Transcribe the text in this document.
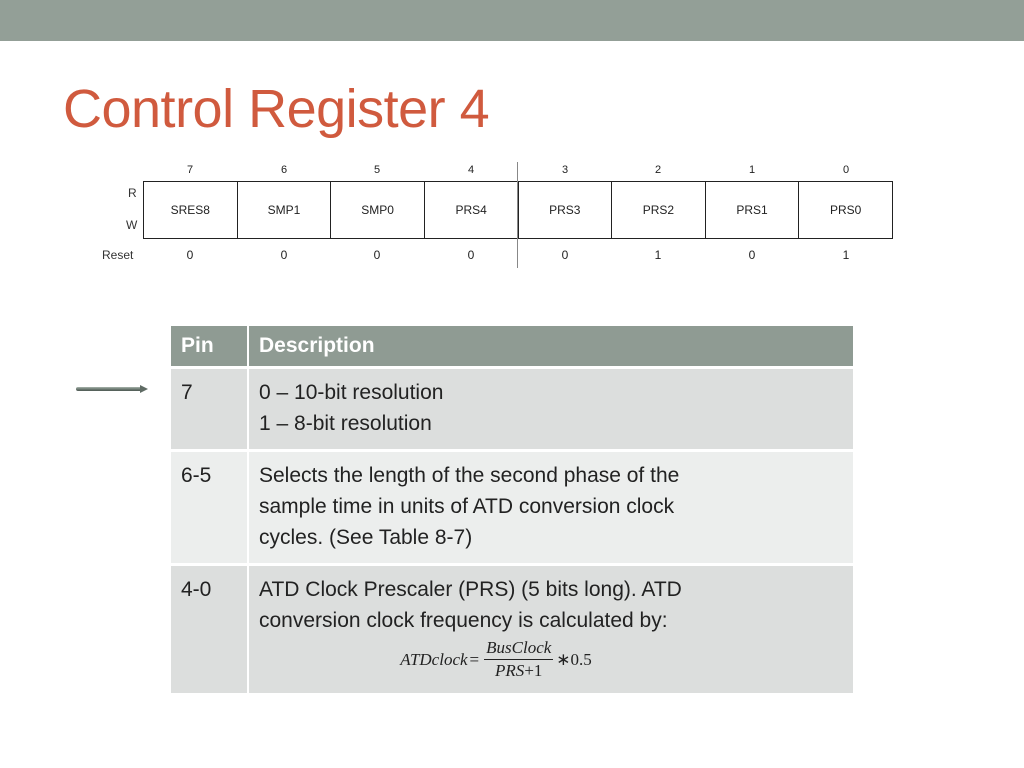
Control Register 4
7	6	5	4	3	2	1	0
R
W
SRES8	SMP1	SMP0	PRS4	PRS3	PRS2	PRS1	PRS0
Reset	0	0	0	0	0	1	0	1
Pin	Description
7	0 – 10-bit resolution
1 – 8-bit resolution

6-5	Selects the length of the second phase of the
sample time in units of ATD conversion clock
cycles. (See Table 8-7)

4-0	ATD Clock Prescaler (PRS) (5 bits long). ATD
conversion clock frequency is calculated by:
ATDclock = $\frac{\text{BusClock}}{\text{PRS+1}}$ ∗0.5
